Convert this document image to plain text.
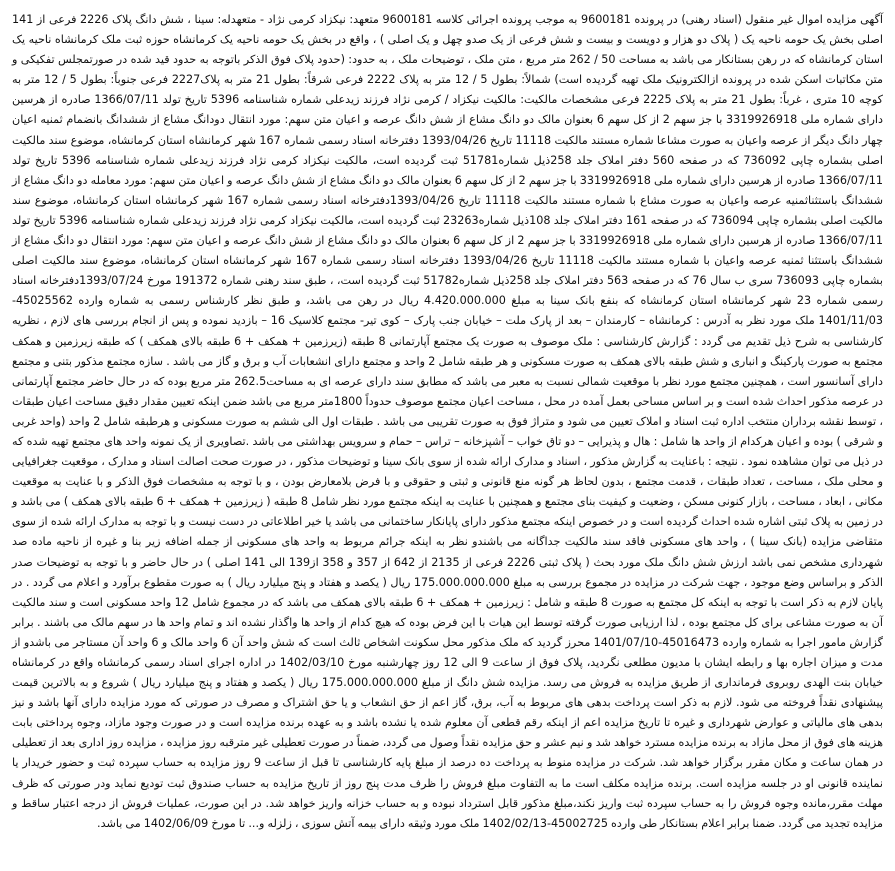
آگهی مزایده اموال غیر منقول (اسناد رهنی) در پرونده 9600181 به موجب پرونده اجرائی کلاسه 9600181 متعهد: نیکزاد کرمی نژاد - متعهدله: سینا ، شش دانگ پلاک 2226 فرعی از 141 اصلی بخش یک حومه ناحیه یک ( پلاک دو هزار و دویست و بیست و شش فرعی از یک صدو چهل و یک اصلی ) ، واقع در بخش یک حومه ناحیه یک کرمانشاه حوزه ثبت ملک کرمانشاه ناحیه یک استان کرمانشاه که در رهن بستانکار می باشد به مساحت 50 / 262 متر مربع ، متن ملک ، توضیحات ملک ، به حدود: (حدود پلاک فوق الذکر باتوجه به حدود قید شده در صورتمجلس تفکیکی و متن مکاتبات اسکن شده در پرونده ازالکترونیک ملک تهیه گردیده است) شمالاً: بطول 5 / 12 متر به پلاک 2222 فرعی شرقاً: بطول 21 متر به پلاک2227 فرعی جنوباً: بطول 5 / 12 متر به کوچه 10 متری ، غرباً: بطول 21 متر به پلاک 2225 فرعی مشخصات مالکیت: مالکیت نیکزاد / کرمی نژاد فرزند زیدعلی شماره شناسنامه 5396 تاریخ تولد 1366/07/11 صادره از هرسین دارای شماره ملی 3319926918 با جز سهم 2 از کل سهم 6 بعنوان مالک دو دانگ مشاع از شش دانگ عرصه و اعیان متن سهم: مورد انتقال دودانگ مشاع از ششدانگ بانضمام ثمنیه اعیان چهار دانگ دیگر از عرصه واعیان به صورت مشاعا شماره مستند مالکیت 11118 تاریخ 1393/04/26 دفترخانه اسناد رسمی شماره 167 شهر کرمانشاه استان کرمانشاه، موضوع سند مالکیت اصلی بشماره چاپی 736092 که در صفحه 560 دفتر املاک جلد 258ذیل شماره51781 ثبت گردیده است، مالکیت نیکزاد کرمی نژاد فرزند زیدعلی شماره شناسنامه 5396 تاریخ تولد 1366/07/11 صادره از هرسین دارای شماره ملی 3319926918 با جز سهم 2 از کل سهم 6 بعنوان مالک دو دانگ مشاع از شش دانگ عرصه و اعیان متن سهم: مورد معامله دو دانگ مشاع از ششدانگ باستثناثمنیه عرصه واعیان به صورت مشاع با شماره مستند مالکیت 11118 تاریخ 1393/04/26دفترخانه اسناد رسمی شماره 167 شهر کرمانشاه استان کرمانشاه، موضوع سند مالکیت اصلی بشماره چاپی 736094 که در صفحه 161 دفتر املاک جلد 108ذیل شماره23263 ثبت گردیده است، مالکیت نیکزاد کرمی نژاد فرزند زیدعلی شماره شناسنامه 5396 تاریخ تولد 1366/07/11 صادره از هرسین دارای شماره ملی 3319926918 با جز سهم 2 از کل سهم 6 بعنوان مالک دو دانگ مشاع از شش دانگ عرصه و اعیان متن سهم: مورد انتقال دو دانگ مشاع از ششدانگ باستثنا ثمنیه عرصه واعیان با شماره مستند مالکیت 11118 تاریخ 1393/04/26 دفترخانه اسناد رسمی شماره 167 شهر کرمانشاه استان کرمانشاه، موضوع سند مالکیت اصلی بشماره چاپی 736093 سری ب سال 76 که در صفحه 563 دفتر املاک جلد 258ذیل شماره51782 ثبت گردیده است، ، طبق سند رهنی شماره 191372 مورخ 1393/07/24دفترخانه اسناد رسمی شماره 23 شهر کرمانشاه استان کرمانشاه که بنفع بانک سینا به مبلغ 4.420.000.000 ریال در رهن می باشد، و طبق نظر کارشناس رسمی به شماره وارده 45025562-1401/11/03 ملک مورد نظر به آدرس : کرمانشاه – کارمندان – بعد از پارک ملت – خیابان جنب پارک – کوی تیر- مجتمع کلاسیک 16 – بازدید نموده و پس از انجام بررسی های لازم ، نظریه کارشناسی به شرح ذیل تقدیم می گردد : گزارش کارشناسی : ملک موصوف به صورت یک مجتمع آپارتمانی 8 طبقه (زیرزمین + همکف + 6 طبقه بالای همکف ) که طبقه زیرزمین و همکف مجتمع به صورت پارکینگ و انباری و شش طبقه بالای همکف به صورت مسکونی و هر طبقه شامل 2 واحد و مجتمع دارای انشعابات آب و برق و گاز می باشد . سازه مجتمع مذکور بتنی و مجتمع دارای آسانسور است ، همچنین مجتمع مورد نظر با موقعیت شمالی نسبت به معبر می باشد که مطابق سند دارای عرصه ای به مساحت262.5 متر مربع بوده که در حال حاضر مجتمع آپارتمانی در عرصه مذکور احداث شده است و بر اساس مساحی بعمل آمده در محل ، مساحت اعیان مجتمع موصوف حدوداً 1800متر مربع می باشد ضمن اینکه تعیین مقدار دقیق مساحت اعیان طبقات ، توسط نقشه برداران منتخب اداره ثبت اسناد و املاک تعیین می شود و متراژ فوق به صورت تقریبی می باشد . طبقات اول الی ششم به صورت مسکونی و هرطبقه شامل 2 واحد (واحد غربی و شرقی ) بوده و اعیان هرکدام از واحد ها شامل : هال و پذیرایی – دو تاق خواب – آشپزخانه – تراس – حمام و سرویس بهداشتی می باشد .تصاویری از یک نمونه واحد های مجتمع تهیه شده که در ذیل می توان مشاهده نمود . نتیجه : باعنایت به گزارش مذکور ، اسناد و مدارک ارائه شده از سوی بانک سینا و توضیحات مذکور ، در صورت صحت اصالت اسناد و مدارک ، موقعیت جغرافیایی و محلی ملک ، مساحت ، تعداد طبقات ، قدمت مجتمع ، بدون لحاظ هر گونه منع قانونی و ثبتی و حقوقی و با فرض بلامعارض بودن ، و با توجه به مشخصات فوق الذکر و با عنایت به موقعیت مکانی ، ابعاد ، مساحت ، بازار کنونی مسکن ، وضعیت و کیفیت بنای مجتمع و همچنین با عنایت به اینکه مجتمع مورد نظر شامل 8 طبقه ( زیرزمین + همکف + 6 طبقه بالای همکف ) می باشد و در زمین به پلاک ثبتی اشاره شده احداث گردیده است و در خصوص اینکه مجتمع مذکور دارای پایانکار ساختمانی می باشد یا خیر اطلاعاتی در دست نیست و با توجه به مدارک ارائه شده از سوی متقاضی مزایده (بانک سینا ) ، واحد های مسکونی فاقد سند مالکیت جداگانه می باشندو نظر به اینکه جرائم مربوط به واحد های مسکونی از جمله اضافه زیر بنا و غیره از ناحیه ماده صد شهرداری مشخص نمی باشد ارزش شش دانگ ملک مورد بحث ( پلاک ثبتی 2226 فرعی از 2135 از 642 از 357 و 358 از139 الی 141 اصلی ) در حال حاضر و با توجه به توضیحات صدر الذکر و براساس وضع موجود ، جهت شرکت در مزایده در مجموع بررسی به مبلغ 175.000.000.000 ریال ( یکصد و هفتاد و پنج میلیارد ریال ) به صورت مقطوع برآورد و اعلام می گردد . در پایان لازم به ذکر است با توجه به اینکه کل مجتمع به صورت 8 طبقه و شامل : زیرزمین + همکف + 6 طبقه بالای همکف می باشد که در مجموع شامل 12 واحد مسکونی است و سند مالکیت آن به صورت مشاعی برای کل مجتمع بوده ، لذا ارزیابی صورت گرفته توسط این هیات با این فرض بوده که هیچ کدام از واحد ها واگذار نشده اند و تمام واحد ها در سهم مالک می باشند . برابر گزارش مامور اجرا به شماره وارده 45016473-1401/07/10 محرز گردید که ملک مذکور محل سکونت اشخاص ثالث است که شش واحد آن 6 واحد مالک و 6 واحد آن مستاجر می باشدو از مدت و میزان اجاره بها و رابطه ایشان با مدیون مطلعی نگردید، پلاک فوق از ساعت 9 الی 12 روز چهارشنبه مورخ 1402/03/10 در اداره اجرای اسناد رسمی کرمانشاه واقع در کرمانشاه خیابان بنت الهدی روبروی فرمانداری از طریق مزایده به فروش می رسد. مزایده شش دانگ از مبلغ 175.000.000.000 ریال ( یکصد و هفتاد و پنج میلیارد ریال ) شروع و به بالاترین قیمت پیشنهادی نقداً فروخته می شود. لازم به ذکر است پرداخت بدهی های مربوط به آب، برق، گاز اعم از حق انشعاب و یا حق اشتراک و مصرف در صورتی که مورد مزایده دارای آنها باشد و نیز بدهی های مالیاتی و عوارض شهرداری و غیره تا تاریخ مزایده اعم از اینکه رقم قطعی آن معلوم شده یا نشده باشد و به عهده برنده مزایده است و در صورت وجود مازاد، وجوه پرداختی بابت هزینه های فوق از محل مازاد به برنده مزایده مسترد خواهد شد و نیم عشر و حق مزایده نقداً وصول می گردد، ضمناً در صورت تعطیلی غیر مترقبه روز مزایده ، مزایده روز اداری بعد از تعطیلی در همان ساعت و مکان مقرر برگزار خواهد شد. شرکت در مزایده منوط به پرداخت ده درصد از مبلغ پایه کارشناسی تا قبل از ساعت 9 روز مزایده به حساب سپرده ثبت و حضور خریدار یا نماینده قانونی او در جلسه مزایده است. برنده مزایده مکلف است ما به التفاوت مبلغ فروش را ظرف مدت پنج روز از تاریخ مزایده به حساب صندوق ثبت تودیع نماید ودر صورتی که ظرف مهلت مقرر،مانده وجوه فروش را به حساب سپرده ثبت واریز نکند،مبلغ مذکور قابل استرداد نبوده و به حساب خزانه واریز خواهد شد. در این صورت، عملیات فروش از درجه اعتبار ساقط و مزایده تجدید می گردد. ضمنا برابر اعلام بستانکار طی وارده 45002725-1402/02/13 ملک مورد وثیقه دارای بیمه آتش سوزی ، زلزله و... تا مورخ 1402/06/09 می باشد.
